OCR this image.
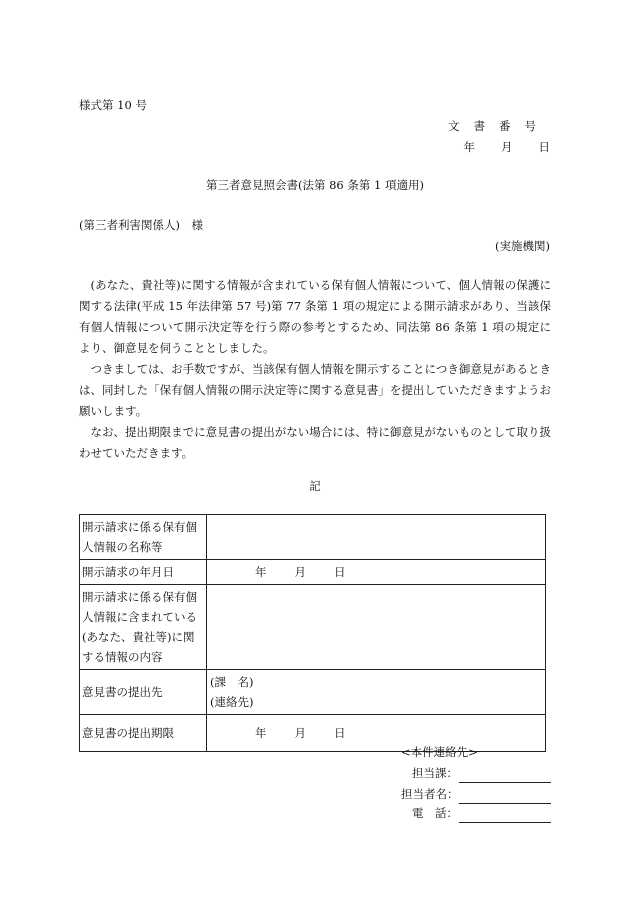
様式第 10 号
文書番号
年 月 日
第三者意見照会書(法第 86 条第 1 項適用)
(第三者利害関係人)　様
(実施機関)

(あなた、貴社等)に関する情報が含まれている保有個人情報について、個人情報の保護に関する法律(平成 15 年法律第 57 号)第 77 条第 1 項の規定による開示請求があり、当該保有個人情報について開示決定等を行う際の参考とするため、同法第 86 条第 1 項の規定により、御意見を伺うこととしました。

つきましては、お手数ですが、当該保有個人情報を開示することにつき御意見があるときは、同封した「保有個人情報の開示決定等に関する意見書」を提出していただきますようお願いします。

なお、提出期限までに意見書の提出がない場合には、特に御意見がないものとして取り扱わせていただきます。

記
開示請求に係る保有個人情報の名称等	
開示請求の年月日	年 月 日
開示請求に係る保有個人情報に含まれている(あなた、貴社等)に関する情報の内容	
意見書の提出先	(課　名)
(連絡先)

意見書の提出期限	年 月 日
<本件連絡先>
担当課：
担当者名：
電　話：
